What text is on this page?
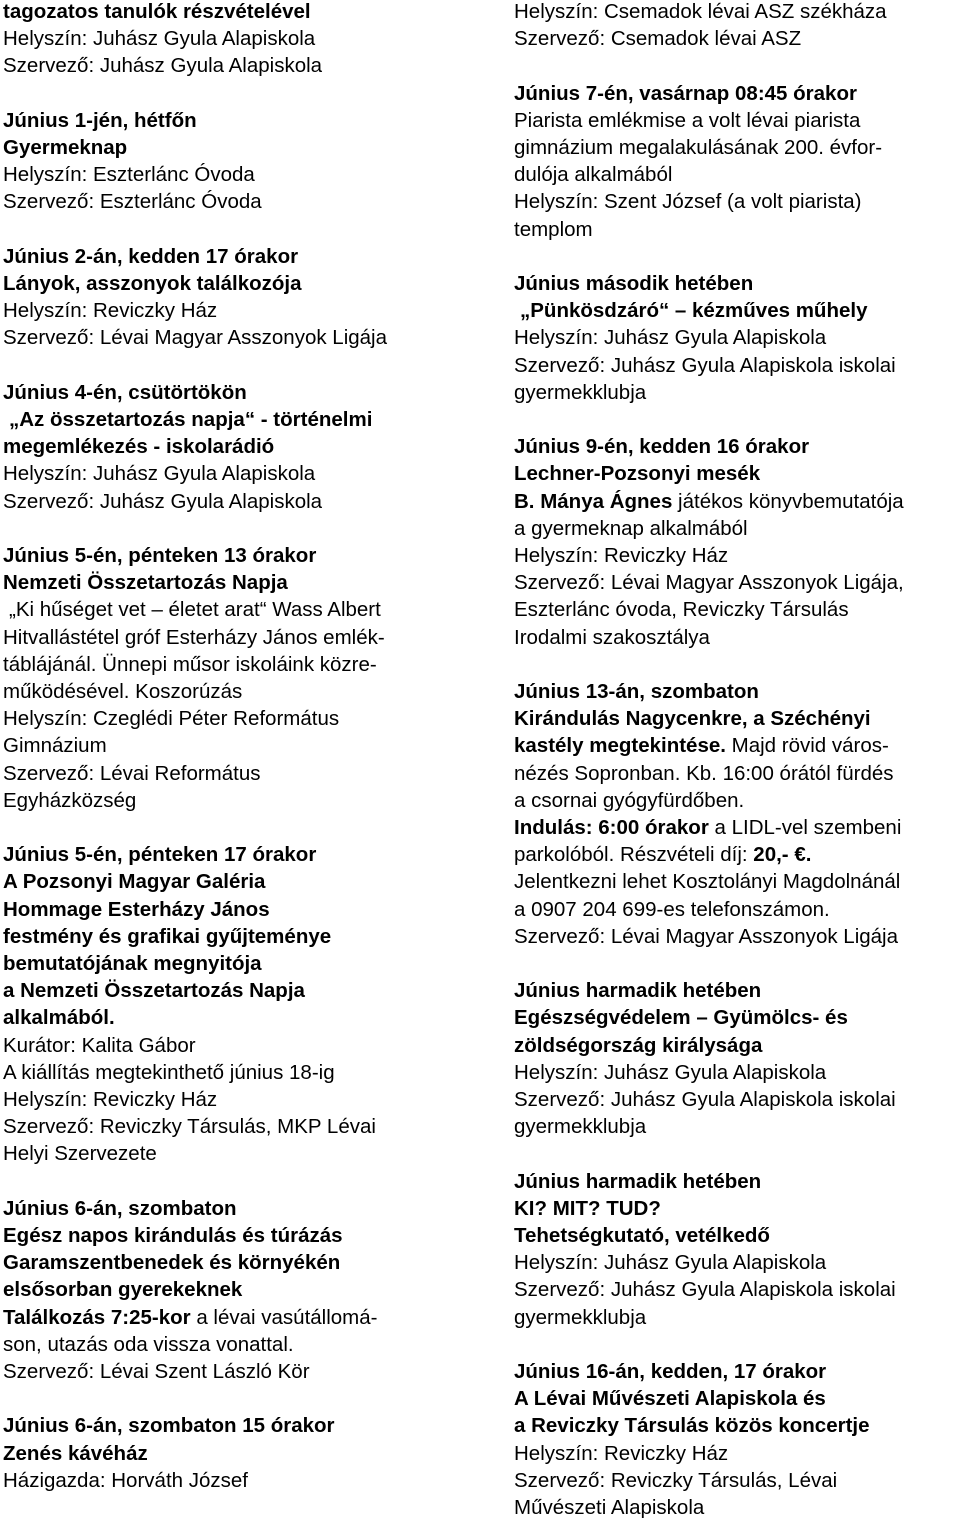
tagozatos tanulók részvételével
Helyszín: Juhász Gyula Alapiskola
Szervező: Juhász Gyula Alapiskola
Június 1-jén, hétfőn
Gyermeknap
Helyszín: Eszterlánc Óvoda
Szervező: Eszterlánc Óvoda
Június 2-án, kedden 17 órakor
Lányok, asszonyok találkozója
Helyszín: Reviczky Ház
Szervező: Lévai Magyar Asszonyok Ligája
Június 4-én, csütörtökön
„Az összetartozás napja“ - történelmi
megemlékezés - iskolarádió
Helyszín: Juhász Gyula Alapiskola
Szervező: Juhász Gyula Alapiskola
Június 5-én, pénteken 13 órakor
Nemzeti Összetartozás Napja
„Ki hűséget vet – életet arat“ Wass Albert
Hitvallástétel gróf Esterházy János emlék-
táblájánál. Ünnepi műsor iskoláink közre-
működésével. Koszorúzás
Helyszín: Czeglédi Péter Református
Gimnázium
Szervező: Lévai Református
Egyházközség
Június 5-én, pénteken 17 órakor
A Pozsonyi Magyar Galéria
Hommage Esterházy János
festmény és grafikai gyűjteménye
bemutatójának megnyitója
a Nemzeti Összetartozás Napja
alkalmából.
Kurátor: Kalita Gábor
A kiállítás megtekinthető június 18-ig
Helyszín: Reviczky Ház
Szervező: Reviczky Társulás, MKP Lévai
Helyi Szervezete
Június 6-án, szombaton
Egész napos kirándulás és túrázás
Garamszentbenedek és környékén
elsősorban gyerekeknek
Találkozás 7:25-kor a lévai vasútállomá-
son, utazás oda vissza vonattal.
Szervező: Lévai Szent László Kör
Június 6-án, szombaton 15 órakor
Zenés kávéház
Házigazda: Horváth József
Helyszín: Csemadok lévai ASZ székháza
Szervező: Csemadok lévai ASZ
Június 7-én, vasárnap 08:45 órakor
Piarista emlékmise a volt lévai piarista
gimnázium megalakulásának 200. évfor-
dulója alkalmából
Helyszín: Szent József (a volt piarista)
templom
Június második hetében
„Pünkösdzáró“ – kézműves műhely
Helyszín: Juhász Gyula Alapiskola
Szervező: Juhász Gyula Alapiskola iskolai
gyermekklubja
Június 9-én, kedden 16 órakor
Lechner-Pozsonyi mesék
B. Mánya Ágnes játékos könyvbemutatója
a gyermeknap alkalmából
Helyszín: Reviczky Ház
Szervező: Lévai Magyar Asszonyok Ligája,
Eszterlánc óvoda, Reviczky Társulás
Irodalmi szakosztálya
Június 13-án, szombaton
Kirándulás Nagycenkre, a Széchényi
kastély megtekintése. Majd rövid város-
nézés Sopronban. Kb. 16:00 órától fürdés
a csornai gyógyfürdőben.
Indulás: 6:00 órakor a LIDL-vel szembeni
parkolóból. Részvételi díj: 20,- €.
Jelentkezni lehet Kosztolányi Magdolnánál
a 0907 204 699-es telefonszámon.
Szervező: Lévai Magyar Asszonyok Ligája
Június harmadik hetében
Egészségvédelem – Gyümölcs- és
zöldségország királysága
Helyszín: Juhász Gyula Alapiskola
Szervező: Juhász Gyula Alapiskola iskolai
gyermekklubja
Június harmadik hetében
KI? MIT? TUD?
Tehetségkutató, vetélkedő
Helyszín: Juhász Gyula Alapiskola
Szervező: Juhász Gyula Alapiskola iskolai
gyermekklubja
Június 16-án, kedden, 17 órakor
A Lévai Művészeti Alapiskola és
a Reviczky Társulás közös koncertje
Helyszín: Reviczky Ház
Szervező: Reviczky Társulás, Lévai
Művészeti Alapiskola
